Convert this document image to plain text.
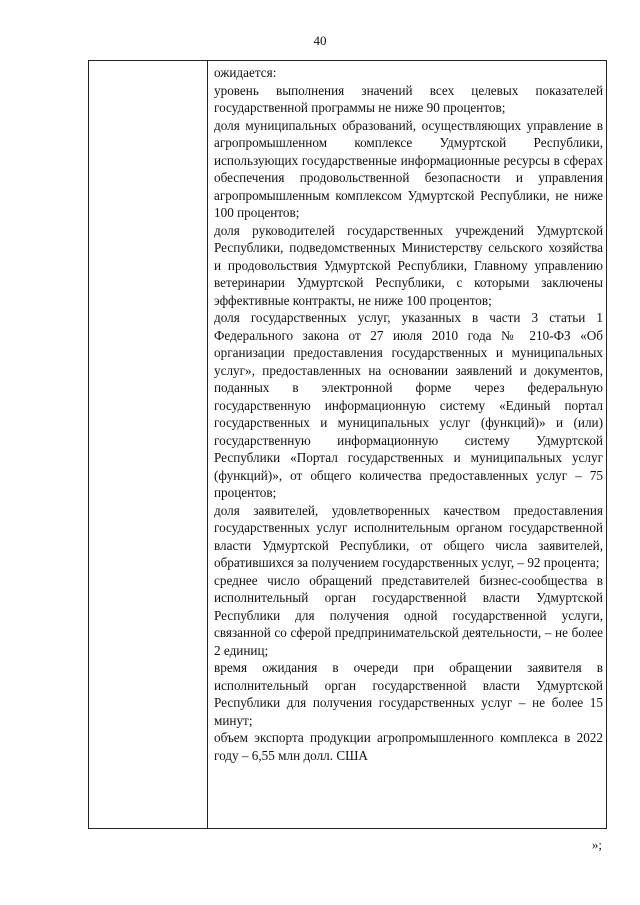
40

ожидается:

уровень выполнения значений всех целевых показателей государственной программы не ниже 90 процентов;

доля муниципальных образований, осуществляющих управление в агропромышленном комплексе Удмуртской Республики, использующих государственные информационные ресурсы в сферах обеспечения продовольственной безопасности и управления агропромышленным комплексом Удмуртской Республики, не ниже 100 процентов;

доля руководителей государственных учреждений Удмуртской Республики, подведомственных Министерству сельского хозяйства и продовольствия Удмуртской Республики, Главному управлению ветеринарии Удмуртской Республики, с которыми заключены эффективные контракты, не ниже 100 процентов;

доля государственных услуг, указанных в части 3 статьи 1 Федерального закона от 27 июля 2010 года № 210-ФЗ «Об организации предоставления государственных и муниципальных услуг», предоставленных на основании заявлений и документов, поданных в электронной форме через федеральную государственную информационную систему «Единый портал государственных и муниципальных услуг (функций)» и (или) государственную информационную систему Удмуртской Республики «Портал государственных и муниципальных услуг (функций)», от общего количества предоставленных услуг – 75 процентов;

доля заявителей, удовлетворенных качеством предоставления государственных услуг исполнительным органом государственной власти Удмуртской Республики, от общего числа заявителей, обратившихся за получением государственных услуг, – 92 процента;

среднее число обращений представителей бизнес-сообщества в исполнительный орган государственной власти Удмуртской Республики для получения одной государственной услуги, связанной со сферой предпринимательской деятельности, – не более 2 единиц;

время ожидания в очереди при обращении заявителя в исполнительный орган государственной власти Удмуртской Республики для получения государственных услуг – не более 15 минут;

объем экспорта продукции агропромышленного комплекса в 2022 году – 6,55 млн долл. США

»;
